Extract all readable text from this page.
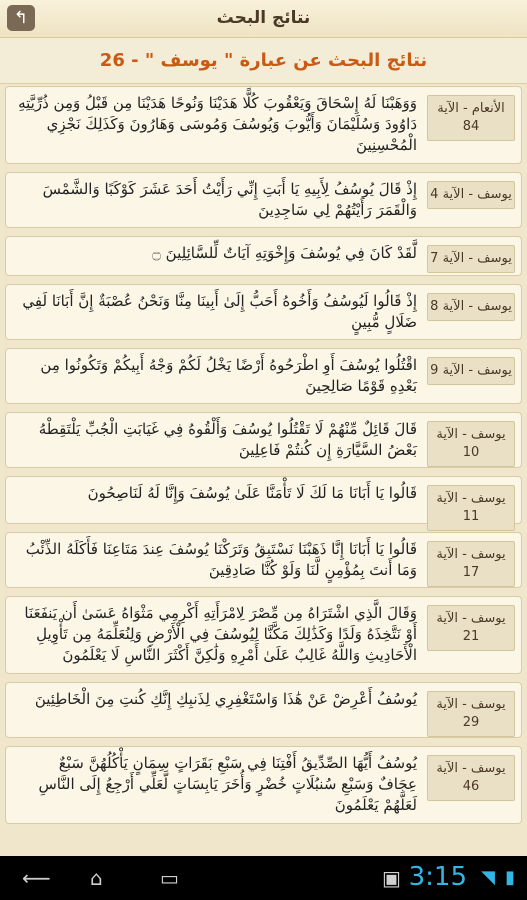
↰	نتائج البحث
نتائج البحث عن عبارة " يوسف " - 26
الأنعام - الآية 84
وَوَهَبْنَا لَهُ إِسْحَاقَ وَيَعْقُوبَ كُلًّا هَدَيْنَا وَنُوحًا هَدَيْنَا مِن قَبْلُ وَمِن ذُرِّيَّتِهِ دَاوُودَ وَسُلَيْمَانَ وَأَيُّوبَ وَيُوسُفَ وَمُوسَى وَهَارُونَ وَكَذَلِكَ نَجْزِي الْمُحْسِنِينَ
يوسف - الآية 4
إِذْ قَالَ يُوسُفُ لِأَبِيهِ يَا أَبَتِ إِنِّي رَأَيْتُ أَحَدَ عَشَرَ كَوْكَبًا وَالشَّمْسَ وَالْقَمَرَ رَأَيْتُهُمْ لِي سَاجِدِينَ
يوسف - الآية 7
لَّقَدْ كَانَ فِي يُوسُفَ وَإِخْوَتِهِ آيَاتٌ لِّلسَّائِلِينَ ۝
يوسف - الآية 8
إِذْ قَالُوا لَيُوسُفُ وَأَخُوهُ أَحَبُّ إِلَىٰ أَبِينَا مِنَّا وَنَحْنُ عُصْبَةٌ إِنَّ أَبَانَا لَفِي ضَلَالٍ مُّبِينٍ
يوسف - الآية 9
اقْتُلُوا يُوسُفَ أَوِ اطْرَحُوهُ أَرْضًا يَخْلُ لَكُمْ وَجْهُ أَبِيكُمْ وَتَكُونُوا مِن بَعْدِهِ قَوْمًا صَالِحِينَ
يوسف - الآية 10
قَالَ قَائِلٌ مِّنْهُمْ لَا تَقْتُلُوا يُوسُفَ وَأَلْقُوهُ فِي غَيَابَتِ الْجُبِّ يَلْتَقِطْهُ بَعْضُ السَّيَّارَةِ إِن كُنتُمْ فَاعِلِينَ
يوسف - الآية 11
قَالُوا يَا أَبَانَا مَا لَكَ لَا تَأْمَنَّا عَلَىٰ يُوسُفَ وَإِنَّا لَهُ لَنَاصِحُونَ
يوسف - الآية 17
قَالُوا يَا أَبَانَا إِنَّا ذَهَبْنَا نَسْتَبِقُ وَتَرَكْنَا يُوسُفَ عِندَ مَتَاعِنَا فَأَكَلَهُ الذِّئْبُ وَمَا أَنتَ بِمُؤْمِنٍ لَّنَا وَلَوْ كُنَّا صَادِقِينَ
يوسف - الآية 21
وَقَالَ الَّذِي اشْتَرَاهُ مِن مِّصْرَ لِامْرَأَتِهِ أَكْرِمِي مَثْوَاهُ عَسَىٰ أَن يَنفَعَنَا أَوْ نَتَّخِذَهُ وَلَدًا وَكَذَٰلِكَ مَكَّنَّا لِيُوسُفَ فِي الْأَرْضِ وَلِنُعَلِّمَهُ مِن تَأْوِيلِ الْأَحَادِيثِ وَاللَّهُ غَالِبٌ عَلَىٰ أَمْرِهِ وَلَٰكِنَّ أَكْثَرَ النَّاسِ لَا يَعْلَمُونَ
يوسف - الآية 29
يُوسُفُ أَعْرِضْ عَنْ هَٰذَا وَاسْتَغْفِرِي لِذَنبِكِ إِنَّكِ كُنتِ مِنَ الْخَاطِئِينَ
يوسف - الآية 46
يُوسُفُ أَيُّهَا الصِّدِّيقُ أَفْتِنَا فِي سَبْعِ بَقَرَاتٍ سِمَانٍ يَأْكُلُهُنَّ سَبْعٌ عِجَافٌ وَسَبْعِ سُنبُلَاتٍ خُضْرٍ وَأُخَرَ يَابِسَاتٍ لَّعَلِّي أَرْجِعُ إِلَى النَّاسِ لَعَلَّهُمْ يَعْلَمُونَ
⟵ ⌂	▭	▣ 3:15 ◥ ▮
